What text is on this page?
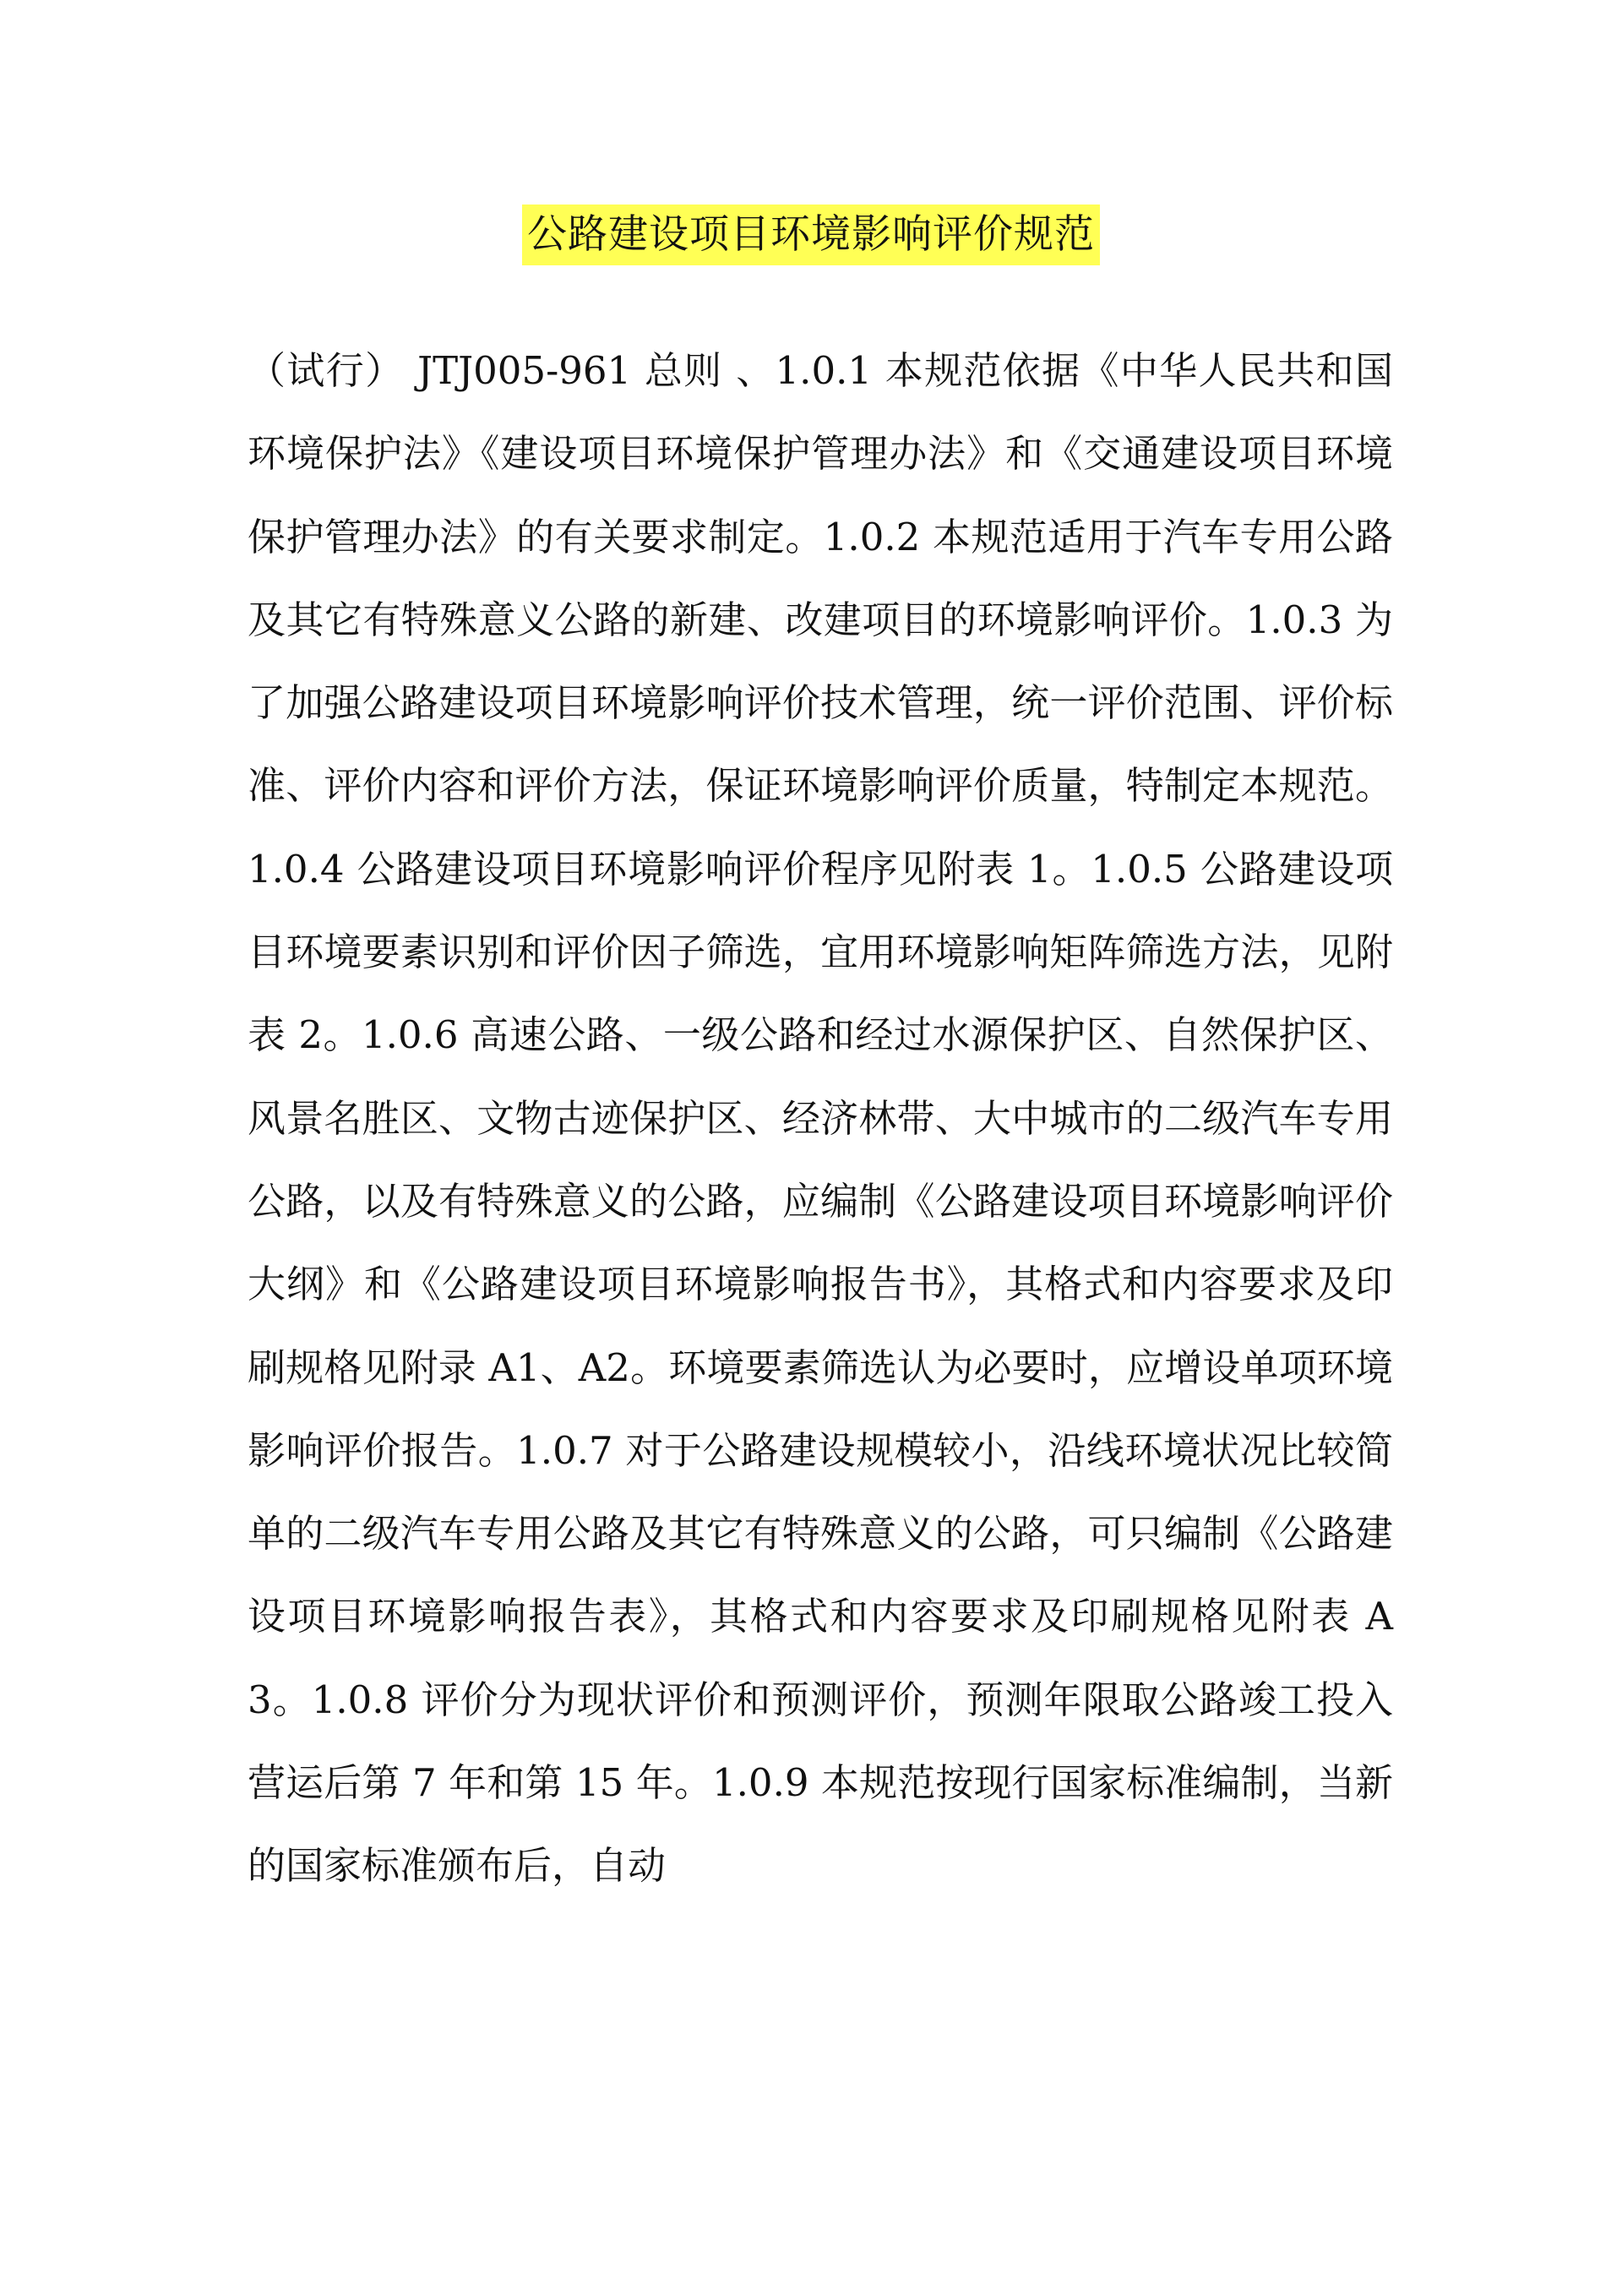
公路建设项目环境影响评价规范

（试行） JTJ005-961 总则 、1.0.1 本规范依据《中华人民共和国环境保护法》《建设项目环境保护管理办法》和《交通建设项目环境保护管理办法》的有关要求制定。1.0.2 本规范适用于汽车专用公路及其它有特殊意义公路的新建、改建项目的环境影响评价。1.0.3 为了加强公路建设项目环境影响评价技术管理，统一评价范围、评价标准、评价内容和评价方法，保证环境影响评价质量，特制定本规范。1.0.4 公路建设项目环境影响评价程序见附表 1。1.0.5 公路建设项目环境要素识别和评价因子筛选，宜用环境影响矩阵筛选方法，见附表 2。1.0.6 高速公路、一级公路和经过水源保护区、自然保护区、风景名胜区、文物古迹保护区、经济林带、大中城市的二级汽车专用公路，以及有特殊意义的公路，应编制《公路建设项目环境影响评价大纲》和《公路建设项目环境影响报告书》，其格式和内容要求及印刷规格见附录 A1、A2。环境要素筛选认为必要时，应增设单项环境影响评价报告。1.0.7 对于公路建设规模较小，沿线环境状况比较简单的二级汽车专用公路及其它有特殊意义的公路，可只编制《公路建设项目环境影响报告表》，其格式和内容要求及印刷规格见附表 A3。1.0.8 评价分为现状评价和预测评价，预测年限取公路竣工投入营运后第 7 年和第 15 年。1.0.9 本规范按现行国家标准编制，当新的国家标准颁布后，自动
